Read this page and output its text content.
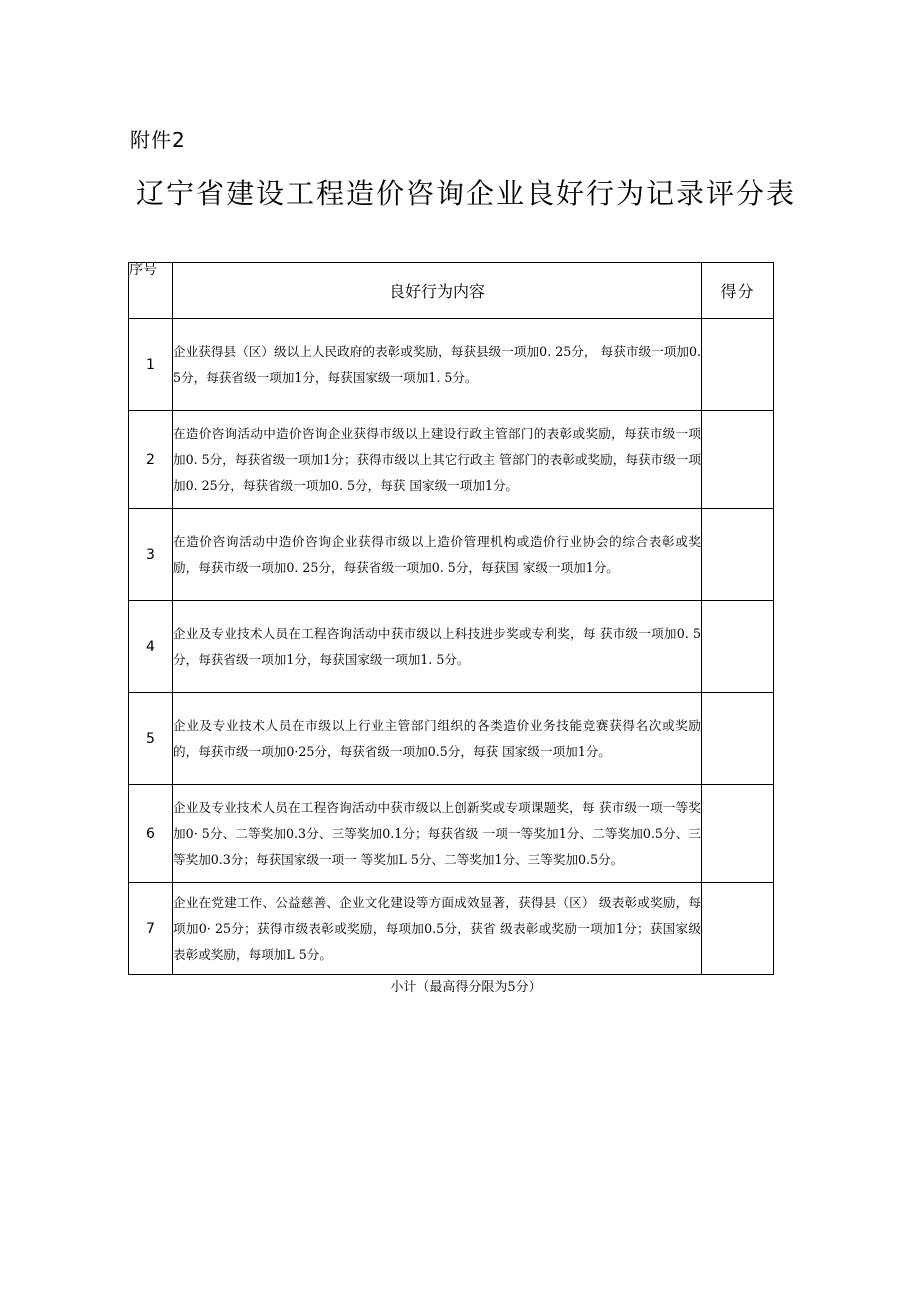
附件2
辽宁省建设工程造价咨询企业良好行为记录评分表
序号	良好行为内容	得分
1	企业获得县（区）级以上人民政府的表彰或奖励，每获县级一项加0. 25分， 每获市级一项加0. 5分，每获省级一项加1分，每获国家级一项加1. 5分。	
2	在造价咨询活动中造价咨询企业获得市级以上建设行政主管部门的表彰或奖励，每获市级一项加0. 5分，每获省级一项加1分；获得市级以上其它行政主 管部门的表彰或奖励，每获市级一项加0. 25分，每获省级一项加0. 5分，每获 国家级一项加1分。	
3	在造价咨询活动中造价咨询企业获得市级以上造价管理机构或造价行业协会的综合表彰或奖励，每获市级一项加0. 25分，每获省级一项加0. 5分，每获国 家级一项加1分。	
4	企业及专业技术人员在工程咨询活动中获市级以上科技进步奖或专利奖，每 获市级一项加0. 5分，每获省级一项加1分，每获国家级一项加1. 5分。	
5	企业及专业技术人员在市级以上行业主管部门组织的各类造价业务技能竞赛获得名次或奖励的，每获市级一项加0·25分，每获省级一项加0.5分，每获 国家级一项加1分。	
6	企业及专业技术人员在工程咨询活动中获市级以上创新奖或专项课题奖，每 获市级一项一等奖加0· 5分、二等奖加0.3分、三等奖加0.1分；每获省级 一项一等奖加1分、二等奖加0.5分、三等奖加0.3分；每获国家级一项一 等奖加L 5分、二等奖加1分、三等奖加0.5分。	
7	企业在党建工作、公益慈善、企业文化建设等方面成效显著，获得县（区） 级表彰或奖励，每项加0· 25分；获得市级表彰或奖励，每项加0.5分，获省 级表彰或奖励一项加1分；获国家级表彰或奖励，每项加L 5分。	
小计（最高得分限为5分）
